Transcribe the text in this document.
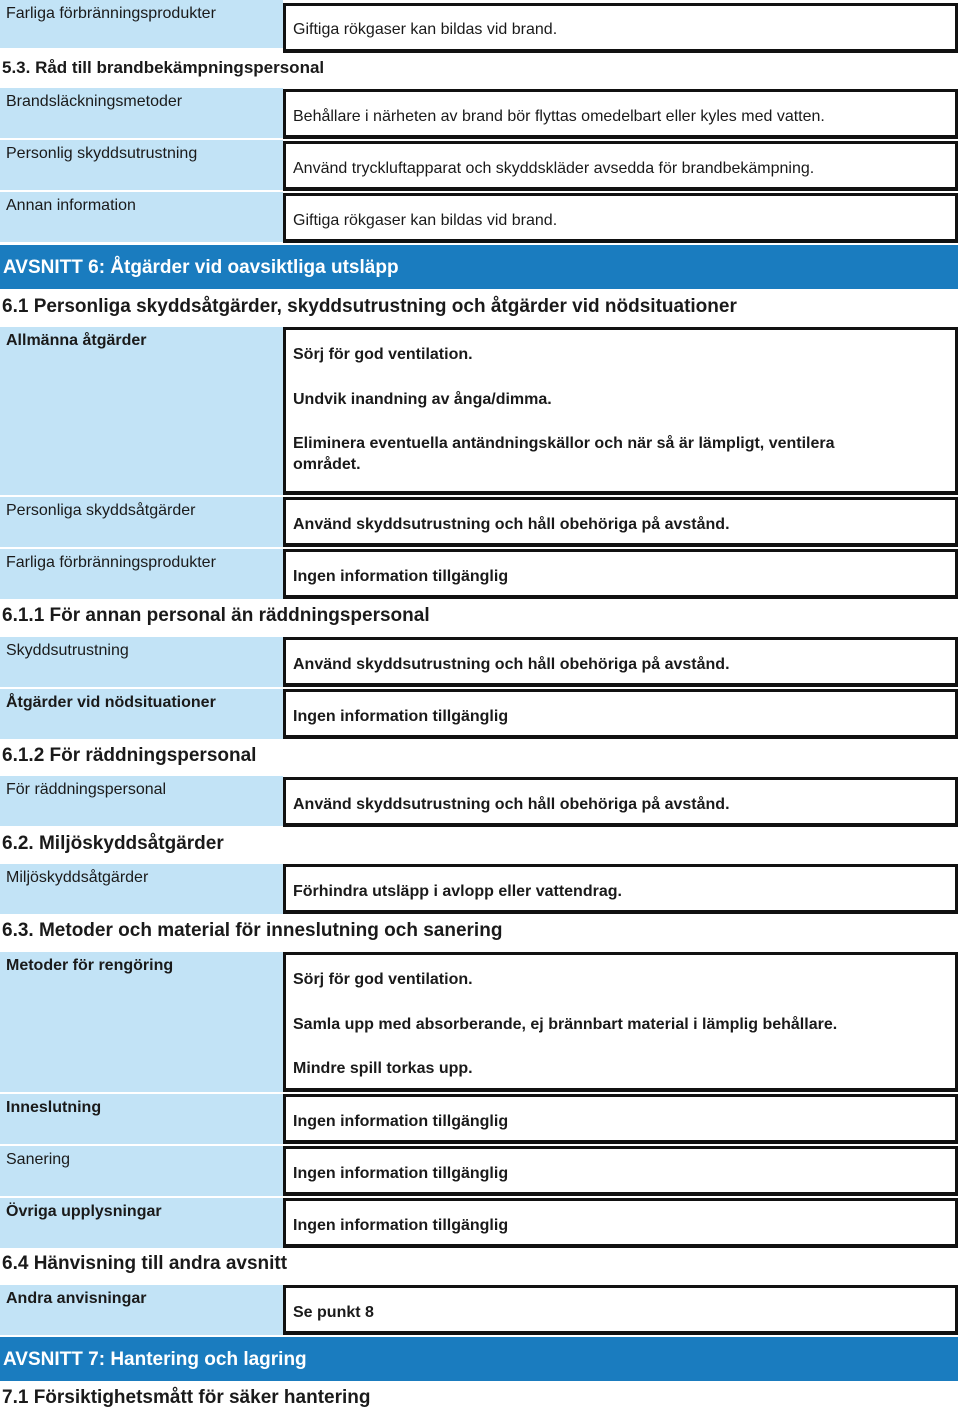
Farliga förbränningsprodukter
Giftiga rökgaser kan bildas vid brand.
5.3. Råd till brandbekämpningspersonal
Brandsläckningsmetoder
Behållare i närheten av brand bör flyttas omedelbart eller kyles med vatten.
Personlig skyddsutrustning
Använd tryckluftapparat och skyddskläder avsedda för brandbekämpning.
Annan information
Giftiga rökgaser kan bildas vid brand.
AVSNITT 6: Åtgärder vid oavsiktliga utsläpp
6.1 Personliga skyddsåtgärder, skyddsutrustning och åtgärder vid nödsituationer
Allmänna åtgärder
Sörj för god ventilation.
Undvik inandning av ånga/dimma.
Eliminera eventuella antändningskällor och när så är lämpligt, ventilera området.
Personliga skyddsåtgärder
Använd skyddsutrustning och håll obehöriga på avstånd.
Farliga förbränningsprodukter
Ingen information tillgänglig
6.1.1 För annan personal än räddningspersonal
Skyddsutrustning
Använd skyddsutrustning och håll obehöriga på avstånd.
Åtgärder vid nödsituationer
Ingen information tillgänglig
6.1.2 För räddningspersonal
För räddningspersonal
Använd skyddsutrustning och håll obehöriga på avstånd.
6.2. Miljöskyddsåtgärder
Miljöskyddsåtgärder
Förhindra utsläpp i avlopp eller vattendrag.
6.3. Metoder och material för inneslutning och sanering
Metoder för rengöring
Sörj för god ventilation.
Samla upp med absorberande, ej brännbart material i lämplig behållare.
Mindre spill torkas upp.
Inneslutning
Ingen information tillgänglig
Sanering
Ingen information tillgänglig
Övriga upplysningar
Ingen information tillgänglig
6.4 Hänvisning till andra avsnitt
Andra anvisningar
Se punkt 8
AVSNITT 7: Hantering och lagring
7.1 Försiktighetsmått för säker hantering
